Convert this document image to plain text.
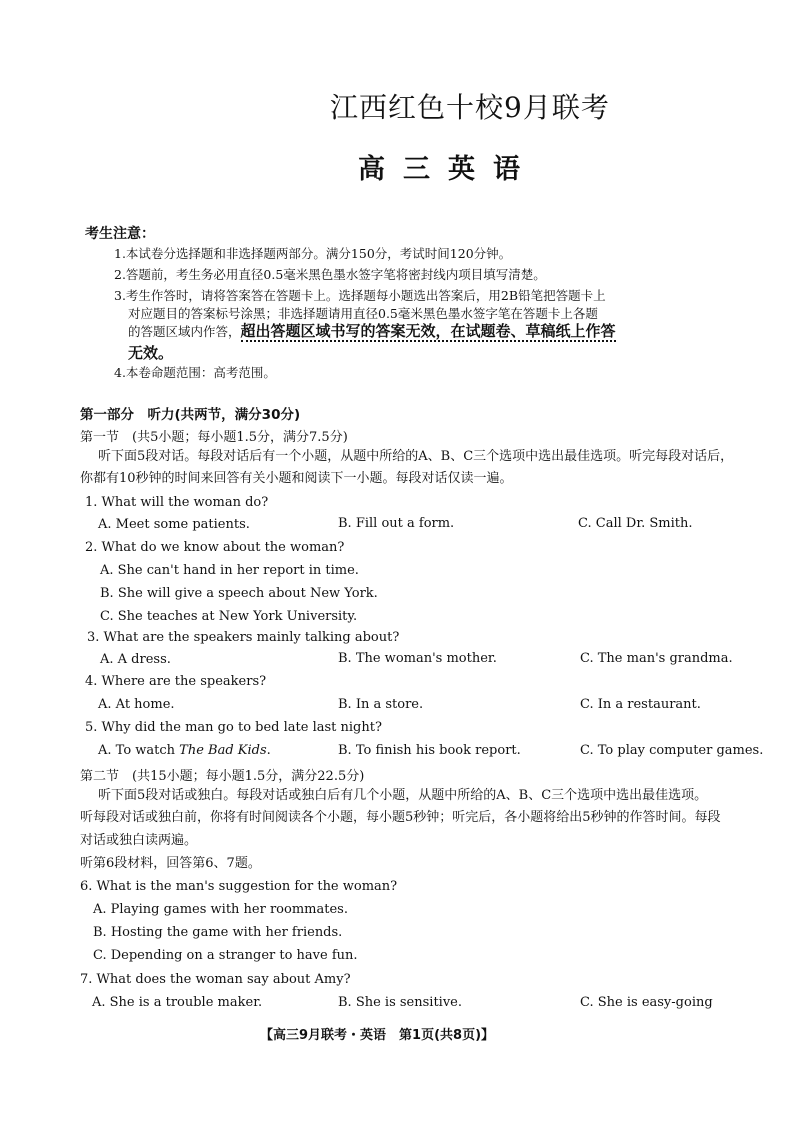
江西红色十校9月联考
高三英语
考生注意：
1.本试卷分选择题和非选择题两部分。满分150分，考试时间120分钟。
2.答题前，考生务必用直径0.5毫米黑色墨水签字笔将密封线内项目填写清楚。
3.考生作答时，请将答案答在答题卡上。选择题每小题选出答案后，用2B铅笔把答题卡上
对应题目的答案标号涂黑；非选择题请用直径0.5毫米黑色墨水签字笔在答题卡上各题
的答题区域内作答，超出答题区域书写的答案无效，在试题卷、草稿纸上作答
无效。
4.本卷命题范围：高考范围。
第一部分　听力(共两节，满分30分)
第一节　(共5小题；每小题1.5分，满分7.5分)
听下面5段对话。每段对话后有一个小题，从题中所给的A、B、C三个选项中选出最佳选项。听完每段对话后，
你都有10秒钟的时间来回答有关小题和阅读下一小题。每段对话仅读一遍。
1. What will the woman do?
A. Meet some patients.	B. Fill out a form.	C. Call Dr. Smith.
2. What do we know about the woman?
A. She can't hand in her report in time.
B. She will give a speech about New York.
C. She teaches at New York University.
3. What are the speakers mainly talking about?
A. A dress.	B. The woman's mother.	C. The man's grandma.
4. Where are the speakers?
A. At home.	B. In a store.	C. In a restaurant.
5. Why did the man go to bed late last night?
A. To watch The Bad Kids.	B. To finish his book report.	C. To play computer games.
第二节　(共15小题；每小题1.5分，满分22.5分)
听下面5段对话或独白。每段对话或独白后有几个小题，从题中所给的A、B、C三个选项中选出最佳选项。
听每段对话或独白前，你将有时间阅读各个小题，每小题5秒钟；听完后，各小题将给出5秒钟的作答时间。每段
对话或独白读两遍。
听第6段材料，回答第6、7题。
6. What is the man's suggestion for the woman?
A. Playing games with her roommates.
B. Hosting the game with her friends.
C. Depending on a stranger to have fun.
7. What does the woman say about Amy?
A. She is a trouble maker.	B. She is sensitive.	C. She is easy-going
【高三9月联考・英语　第1页(共8页)】
